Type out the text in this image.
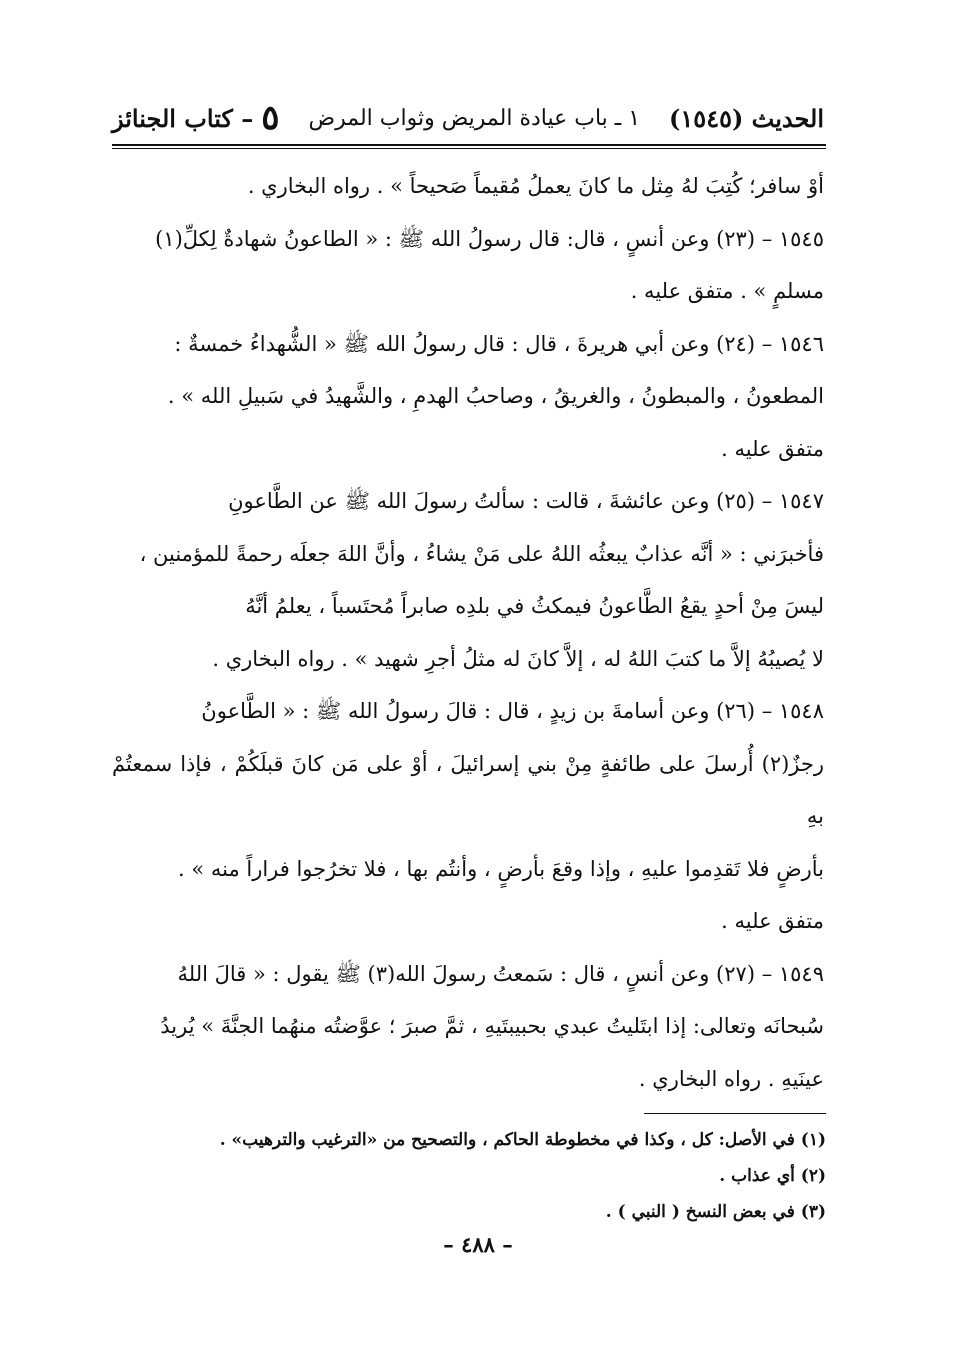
٥
– كتاب الجنائز	١ ـ باب عيادة المريض وثواب المرض الحديث (١٥٤٥)

أوْ سافر؛ كُتِبَ لهُ مِثل ما كانَ يعملُ مُقيماً صَحيحاً » . رواه البخاري .

١٥٤٥ – (٢٣) وعن أنسٍ ، قال: قال رسولُ الله ﷺ : « الطاعونُ شهادةٌ لِكلِّ(١)

مسلمٍ » . متفق عليه .

١٥٤٦ – (٢٤) وعن أبي هريرةَ ، قال : قال رسولُ الله ﷺ « الشُّهداءُ خمسةٌ :

المطعونُ ، والمبطونُ ، والغريقُ ، وصاحبُ الهدمِ ، والشَّهيدُ في سَبيلِ الله » .

متفق عليه .

١٥٤٧ – (٢٥) وعن عائشةَ ، قالت : سألتُ رسولَ الله ﷺ عن الطَّاعونِ

فأخبرَني : « أنَّه عذابٌ يبعثُه اللهُ على مَنْ يشاءُ ، وأنَّ اللهَ جعلَه رحمةً للمؤمنين ،

ليسَ مِنْ أحدٍ يقعُ الطَّاعونُ فيمكثُ في بلدِه صابراً مُحتَسباً ، يعلمُ أنَّهُ

لا يُصيبُهُ إلاَّ ما كتبَ اللهُ له ، إلاَّ كانَ له مثلُ أجرِ شهيد » . رواه البخاري .

١٥٤٨ – (٢٦) وعن أسامةَ بن زيدٍ ، قال : قالَ رسولُ الله ﷺ : « الطَّاعونُ

رجزٌ(٢) أُرسلَ على طائفةٍ مِنْ بني إسرائيلَ ، أوْ على مَن كانَ قبلَكُمْ ، فإذا سمعتُمْ بهِ

بأرضٍ فلا تَقدِموا عليهِ ، وإذا وقعَ بأرضٍ ، وأنتُم بها ، فلا تخرُجوا فراراً منه » .

متفق عليه .

١٥٤٩ – (٢٧) وعن أنسٍ ، قال : سَمعتُ رسولَ الله(٣) ﷺ يقول : « قالَ اللهُ

سُبحانَه وتعالى: إذا ابتَليتُ عبدي بحبيبتَيهِ ، ثمَّ صبرَ ؛ عوَّضتُه منهُما الجنَّةَ » يُريدُ

عينَيهِ . رواه البخاري .

(١) في الأصل: كل ، وكذا في مخطوطة الحاكم ، والتصحيح من «الترغيب والترهيب» .

(٢) أي عذاب .

(٣) في بعض النسخ ( النبي ) .

– ٤٨٨ –
